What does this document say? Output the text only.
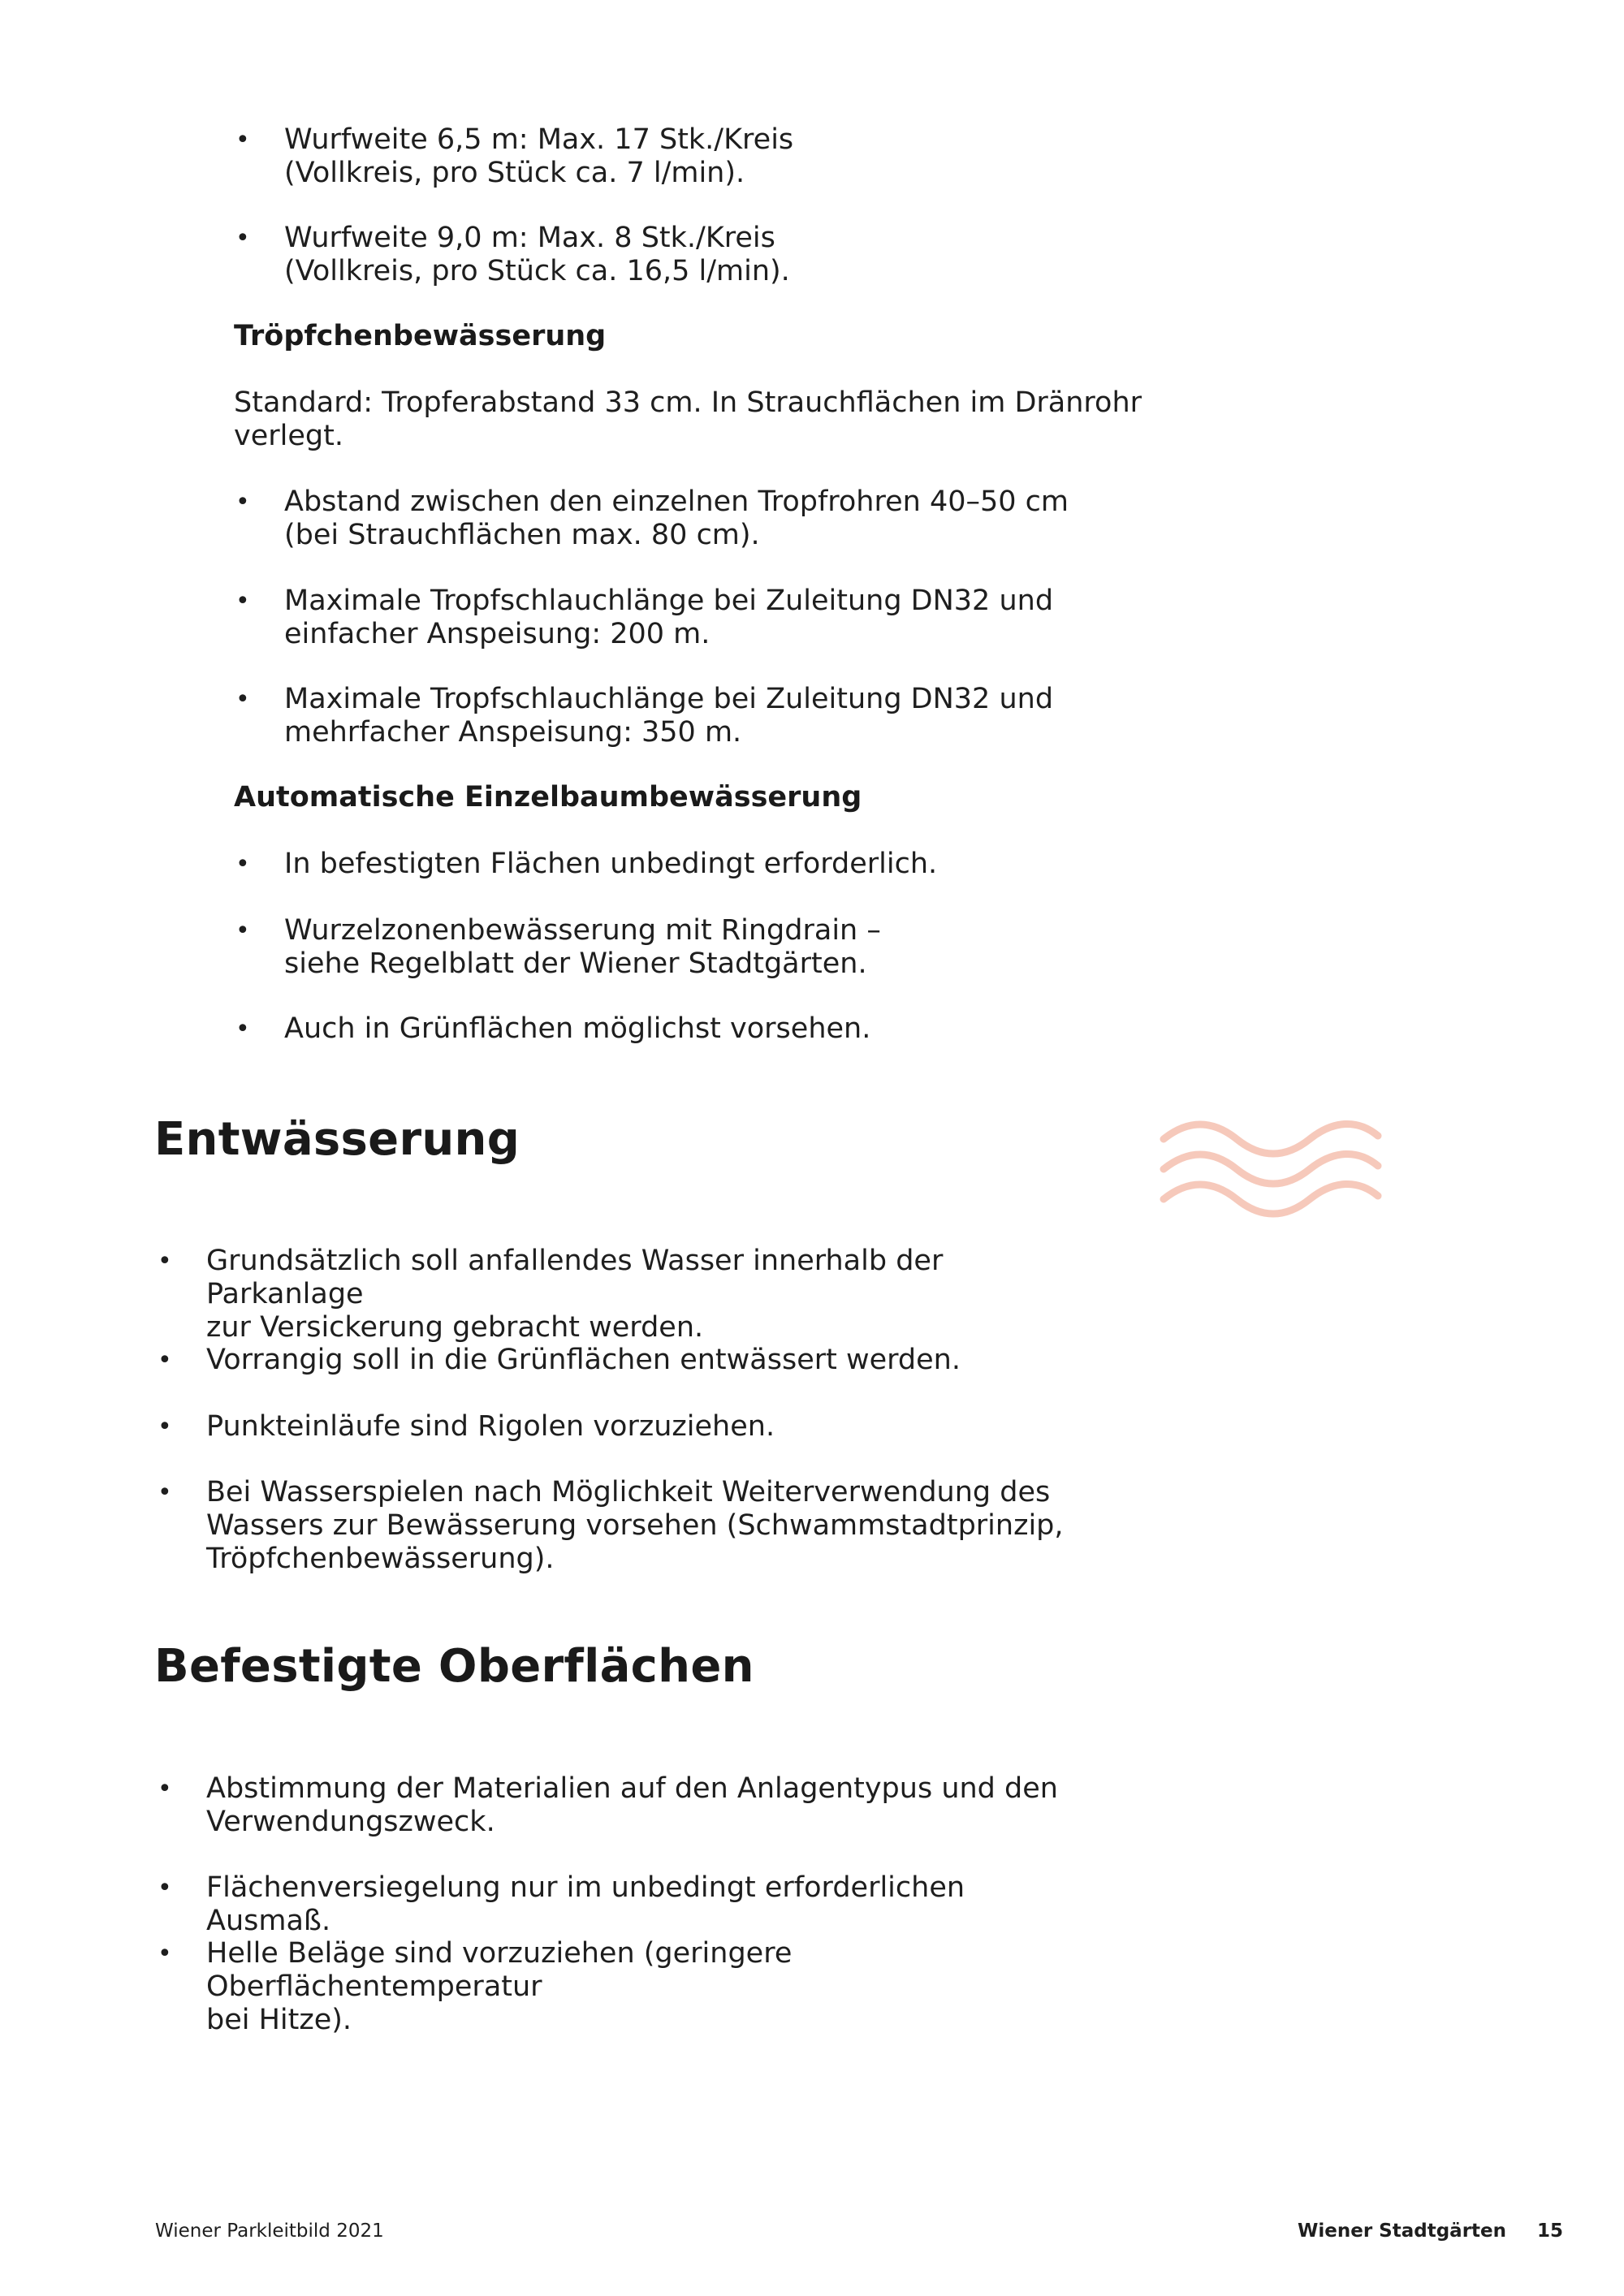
• Wurfweite 6,5 m: Max. 17 Stk./Kreis
(Vollkreis, pro Stück ca. 7 l/min).
• Wurfweite 9,0 m: Max. 8 Stk./Kreis
(Vollkreis, pro Stück ca. 16,5 l/min).
Tröpfchenbewässerung
Standard: Tropferabstand 33 cm. In Strauchflächen im Dränrohr
verlegt.
• Abstand zwischen den einzelnen Tropfrohren 40–50 cm
(bei Strauchflächen max. 80 cm).
• Maximale Tropfschlauchlänge bei Zuleitung DN32 und
einfacher Anspeisung: 200 m.
• Maximale Tropfschlauchlänge bei Zuleitung DN32 und
mehrfacher Anspeisung: 350 m.
Automatische Einzelbaumbewässerung
• In befestigten Flächen unbedingt erforderlich.
• Wurzelzonenbewässerung mit Ringdrain –
siehe Regelblatt der Wiener Stadtgärten.
• Auch in Grünflächen möglichst vorsehen.
Entwässerung
• Grundsätzlich soll anfallendes Wasser innerhalb der Parkanlage
zur Versickerung gebracht werden.
• Vorrangig soll in die Grünflächen entwässert werden.
• Punkteinläufe sind Rigolen vorzuziehen.
• Bei Wasserspielen nach Möglichkeit Weiterverwendung des
Wassers zur Bewässerung vorsehen (Schwammstadtprinzip,
Tröpfchenbewässerung).
Befestigte Oberflächen
• Abstimmung der Materialien auf den Anlagentypus und den
Verwendungszweck.
• Flächenversiegelung nur im unbedingt erforderlichen Ausmaß.
• Helle Beläge sind vorzuziehen (geringere Oberflächentemperatur
bei Hitze).
Wiener Parkleitbild 2021	Wiener Stadtgärten 15
